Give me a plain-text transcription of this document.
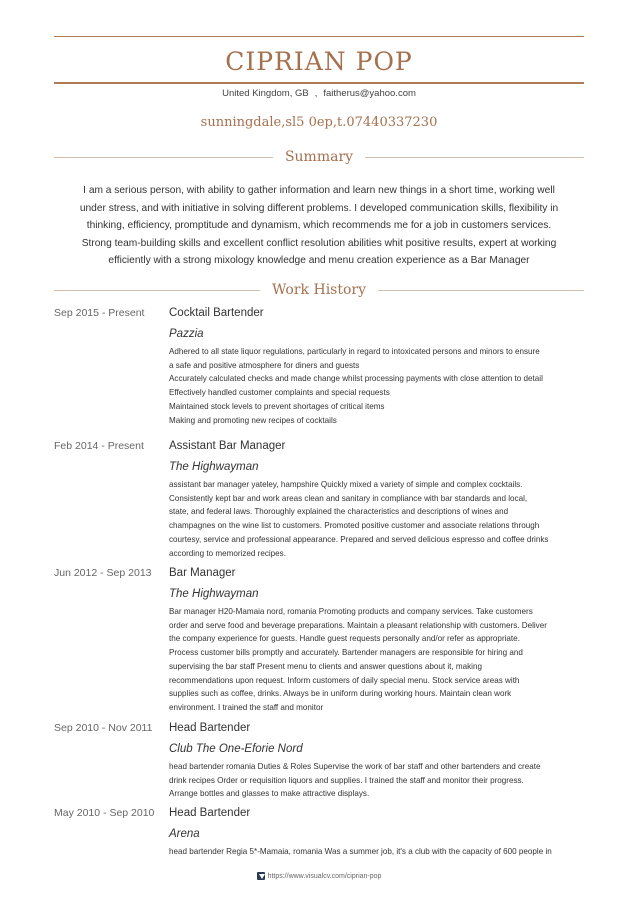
CIPRIAN POP
United Kingdom, GB , faitherus@yahoo.com
sunningdale,sl5 0ep,t.07440337230
Summary
I am a serious person, with ability to gather information and learn new things in a short time, working well
under stress, and with initiative in solving different problems. I developed communication skills, flexibility in
thinking, efficiency, promptitude and dynamism, which recommends me for a job in customers services.
Strong team-building skills and excellent conflict resolution abilities whit positive results, expert at working
efficiently with a strong mixology knowledge and menu creation experience as a Bar Manager
Work History
Sep 2015 - Present Cocktail Bartender
Pazzia
Adhered to all state liquor regulations, particularly in regard to intoxicated persons and minors to ensure
a safe and positive atmosphere for diners and guests
Accurately calculated checks and made change whilst processing payments with close attention to detail
Effectively handled customer complaints and special requests
Maintained stock levels to prevent shortages of critical items
Making and promoting new recipes of cocktails
Feb 2014 - Present Assistant Bar Manager
The Highwayman
assistant bar manager yateley, hampshire Quickly mixed a variety of simple and complex cocktails.
Consistently kept bar and work areas clean and sanitary in compliance with bar standards and local,
state, and federal laws. Thoroughly explained the characteristics and descriptions of wines and
champagnes on the wine list to customers. Promoted positive customer and associate relations through
courtesy, service and professional appearance. Prepared and served delicious espresso and coffee drinks
according to memorized recipes.
Jun 2012 - Sep 2013 Bar Manager
The Highwayman
Bar manager H20-Mamaia nord, romania Promoting products and company services. Take customers
order and serve food and beverage preparations. Maintain a pleasant relationship with customers. Deliver
the company experience for guests. Handle guest requests personally and/or refer as appropriate.
Process customer bills promptly and accurately. Bartender managers are responsible for hiring and
supervising the bar staff Present menu to clients and answer questions about it, making
recommendations upon request. Inform customers of daily special menu. Stock service areas with
supplies such as coffee, drinks. Always be in uniform during working hours. Maintain clean work
environment. I trained the staff and monitor
Sep 2010 - Nov 2011 Head Bartender
Club The One-Eforie Nord
head bartender romania Duties & Roles Supervise the work of bar staff and other bartenders and create
drink recipes Order or requisition liquors and supplies. I trained the staff and monitor their progress.
Arrange bottles and glasses to make attractive displays.
May 2010 - Sep 2010 Head Bartender
Arena
head bartender Regia 5*-Mamaia, romania Was a summer job, it's a club with the capacity of 600 people in
https://www.visualcv.com/ciprian-pop
